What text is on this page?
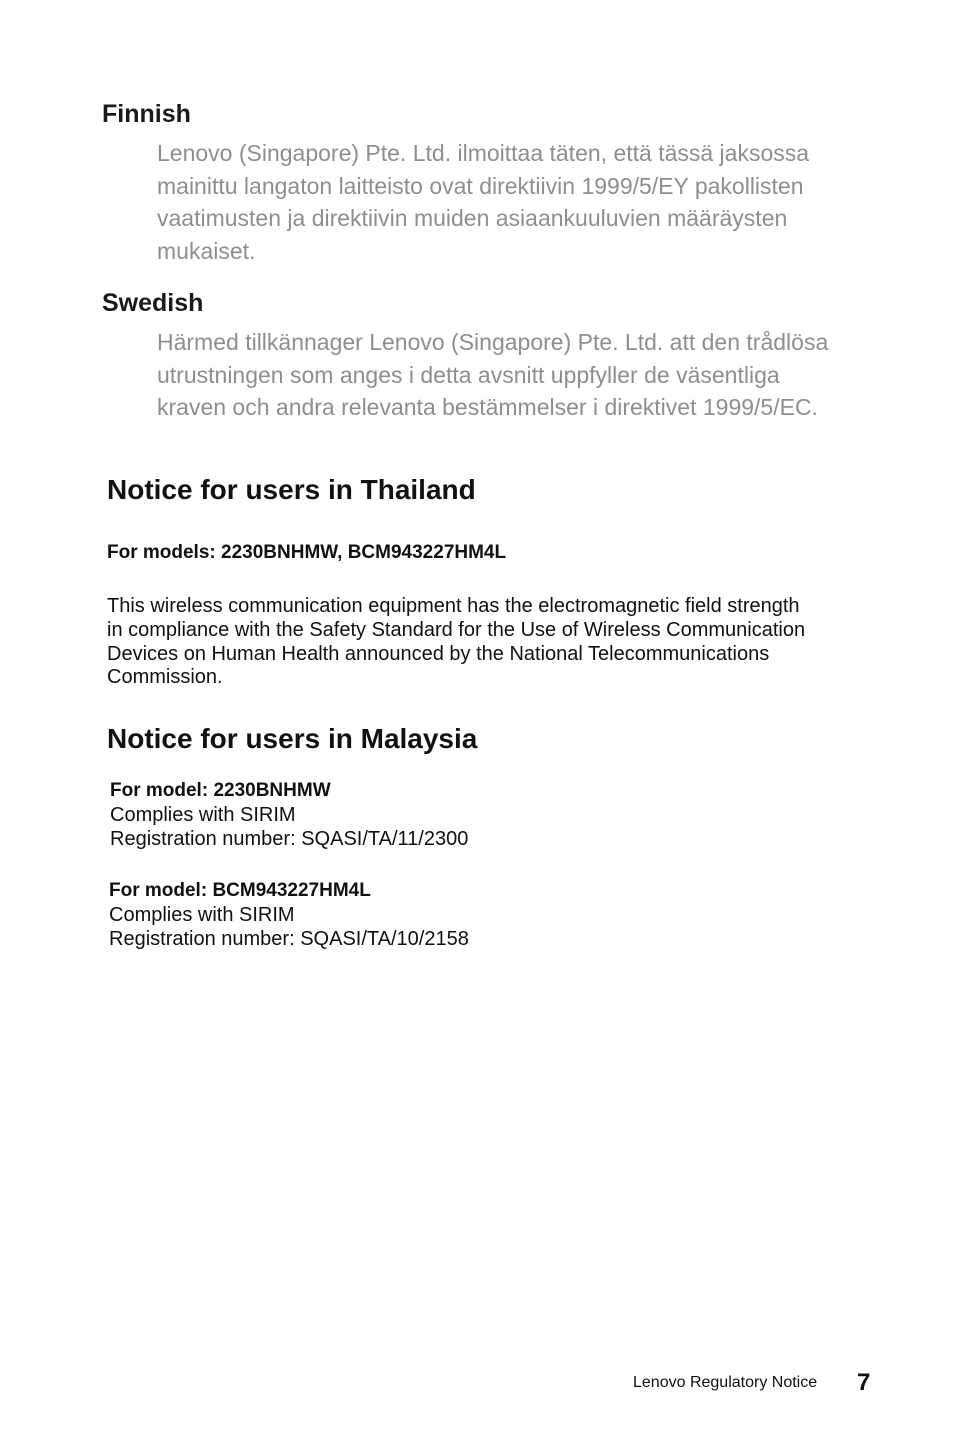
Finnish

Lenovo (Singapore) Pte. Ltd. ilmoittaa täten, että tässä jaksossa

mainittu langaton laitteisto ovat direktiivin 1999/5/EY pakollisten

vaatimusten ja direktiivin muiden asiaankuuluvien määräysten

mukaiset.

Swedish

Härmed tillkännager Lenovo (Singapore) Pte. Ltd. att den trådlösa

utrustningen som anges i detta avsnitt uppfyller de väsentliga

kraven och andra relevanta bestämmelser i direktivet 1999/5/EC.

Notice for users in Thailand

For models: 2230BNHMW, BCM943227HM4L

This wireless communication equipment has the electromagnetic field strength

in compliance with the Safety Standard for the Use of Wireless Communication

Devices on Human Health announced by the National Telecommunications

Commission.

Notice for users in Malaysia

For model: 2230BNHMW

Complies with SIRIM

Registration number: SQASI/TA/11/2300

For model: BCM943227HM4L

Complies with SIRIM

Registration number: SQASI/TA/10/2158

Lenovo Regulatory Notice 7
